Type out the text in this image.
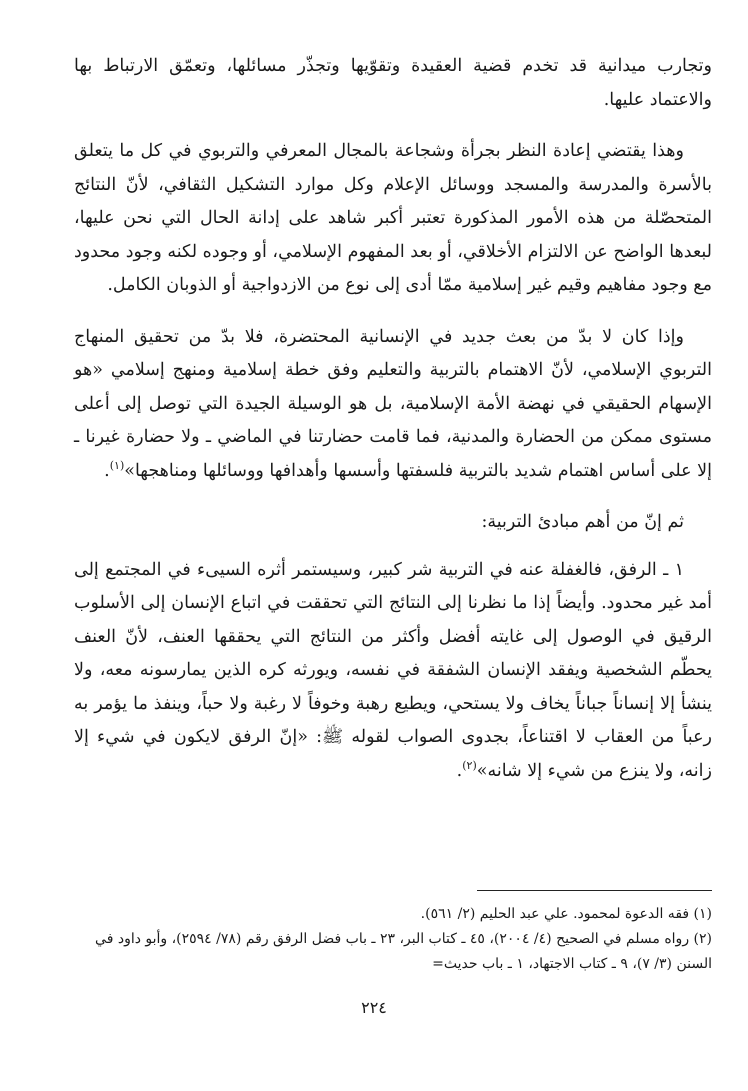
وتجارب ميدانية قد تخدم قضية العقيدة وتقوّيها وتجذّر مسائلها، وتعمّق الارتباط بها والاعتماد عليها.

وهذا يقتضي إعادة النظر بجرأة وشجاعة بالمجال المعرفي والتربوي في كل ما يتعلق بالأسرة والمدرسة والمسجد ووسائل الإعلام وكل موارد التشكيل الثقافي، لأنّ النتائج المتحصّلة من هذه الأمور المذكورة تعتبر أكبر شاهد على إدانة الحال التي نحن عليها، لبعدها الواضح عن الالتزام الأخلاقي، أو بعد المفهوم الإسلامي، أو وجوده لكنه وجود محدود مع وجود مفاهيم وقيم غير إسلامية ممّا أدى إلى نوع من الازدواجية أو الذوبان الكامل.

وإذا كان لا بدّ من بعث جديد في الإنسانية المحتضرة، فلا بدّ من تحقيق المنهاج التربوي الإسلامي، لأنّ الاهتمام بالتربية والتعليم وفق خطة إسلامية ومنهج إسلامي «هو الإسهام الحقيقي في نهضة الأمة الإسلامية، بل هو الوسيلة الجيدة التي توصل إلى أعلى مستوى ممكن من الحضارة والمدنية، فما قامت حضارتنا في الماضي ـ ولا حضارة غيرنا ـ إلا على أساس اهتمام شديد بالتربية فلسفتها وأسسها وأهدافها ووسائلها ومناهجها»$^{(١)}$.

ثم إنّ من أهم مبادئ التربية:

١ ـ الرفق، فالغفلة عنه في التربية شر كبير، وسيستمر أثره السيىء في المجتمع إلى أمد غير محدود. وأيضاً إذا ما نظرنا إلى النتائج التي تحققت في اتباع الإنسان إلى الأسلوب الرقيق في الوصول إلى غايته أفضل وأكثر من النتائج التي يحققها العنف، لأنّ العنف يحطّم الشخصية ويفقد الإنسان الشفقة في نفسه، ويورثه كره الذين يمارسونه معه، ولا ينشأ إلا إنساناً جباناً يخاف ولا يستحي، ويطيع رهبة وخوفاً لا رغبة ولا حباً، وينفذ ما يؤمر به رعباً من العقاب لا اقتناعاً، بجدوى الصواب لقوله ﷺ: «إنّ الرفق لايكون في شيء إلا زانه، ولا ينزع من شيء إلا شانه»$^{(٢)}$.

(١) فقه الدعوة لمحمود. علي عبد الحليم (٢/ ٥٦١).

(٢) رواه مسلم في الصحيح (٤/ ٢٠٠٤)، ٤٥ ـ كتاب البر، ٢٣ ـ باب فضل الرفق رقم (٧٨/ ٢٥٩٤)، وأبو داود في السنن (٣/ ٧)، ٩ ـ كتاب الاجتهاد، ١ ـ باب حديث=

٢٢٤
